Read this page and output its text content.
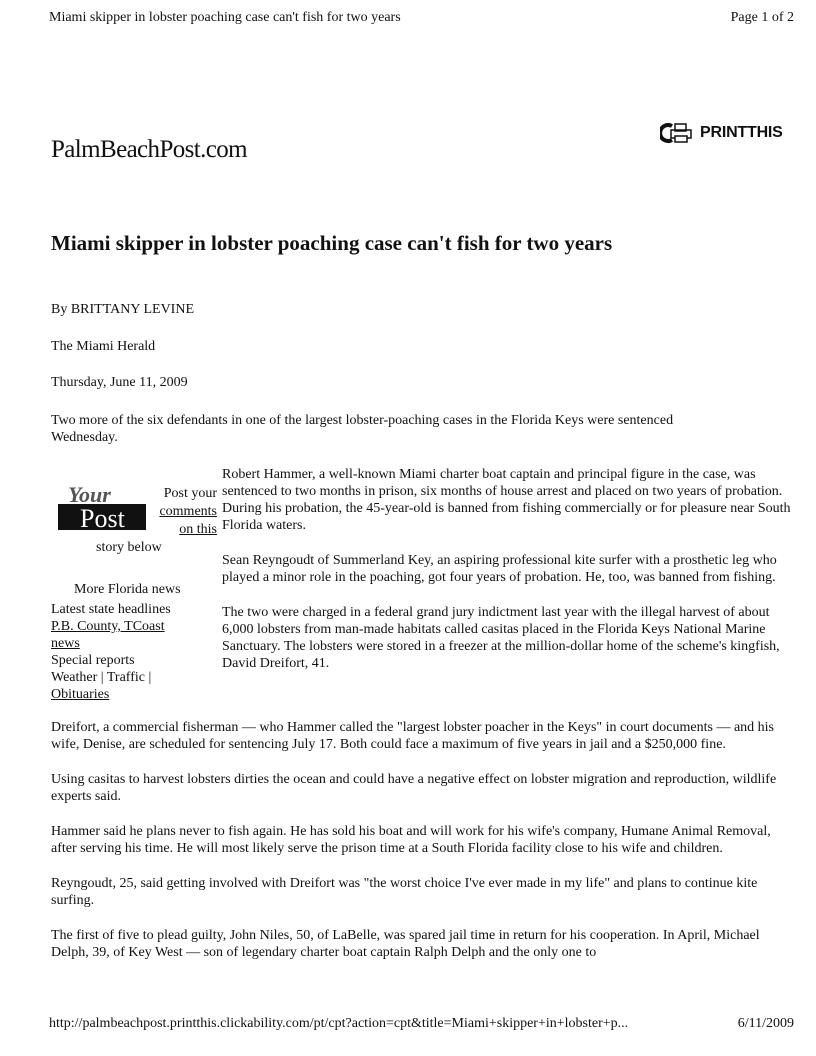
Miami skipper in lobster poaching case can't fish for two years	Page 1 of 2
PalmBeachPost.com
PRINTTHIS
Miami skipper in lobster poaching case can't fish for two years
By BRITTANY LEVINE
The Miami Herald
Thursday, June 11, 2009

Two more of the six defendants in one of the largest lobster-poaching cases in the Florida Keys were sentenced Wednesday.

Your
Post
Post your
comments
on this
story below
More Florida news
Latest state headlines
P.B. County, TCoast
news
Special reports
Weather | Traffic |
Obituaries

Robert Hammer, a well-known Miami charter boat captain and principal figure in the case, was sentenced to two months in prison, six months of house arrest and placed on two years of probation. During his probation, the 45-year-old is banned from fishing commercially or for pleasure near South Florida waters.

Sean Reyngoudt of Summerland Key, an aspiring professional kite surfer with a prosthetic leg who played a minor role in the poaching, got four years of probation. He, too, was banned from fishing.

The two were charged in a federal grand jury indictment last year with the illegal harvest of about 6,000 lobsters from man-made habitats called casitas placed in the Florida Keys National Marine Sanctuary. The lobsters were stored in a freezer at the million-dollar home of the scheme's kingfish, David Dreifort, 41.

Dreifort, a commercial fisherman — who Hammer called the "largest lobster poacher in the Keys" in court documents — and his wife, Denise, are scheduled for sentencing July 17. Both could face a maximum of five years in jail and a $250,000 fine.

Using casitas to harvest lobsters dirties the ocean and could have a negative effect on lobster migration and reproduction, wildlife experts said.

Hammer said he plans never to fish again. He has sold his boat and will work for his wife's company, Humane Animal Removal, after serving his time. He will most likely serve the prison time at a South Florida facility close to his wife and children.

Reyngoudt, 25, said getting involved with Dreifort was "the worst choice I've ever made in my life" and plans to continue kite surfing.

The first of five to plead guilty, John Niles, 50, of LaBelle, was spared jail time in return for his cooperation. In April, Michael Delph, 39, of Key West — son of legendary charter boat captain Ralph Delph and the only one to

http://palmbeachpost.printthis.clickability.com/pt/cpt?action=cpt&title=Miami+skipper+in+lobster+p...	6/11/2009
